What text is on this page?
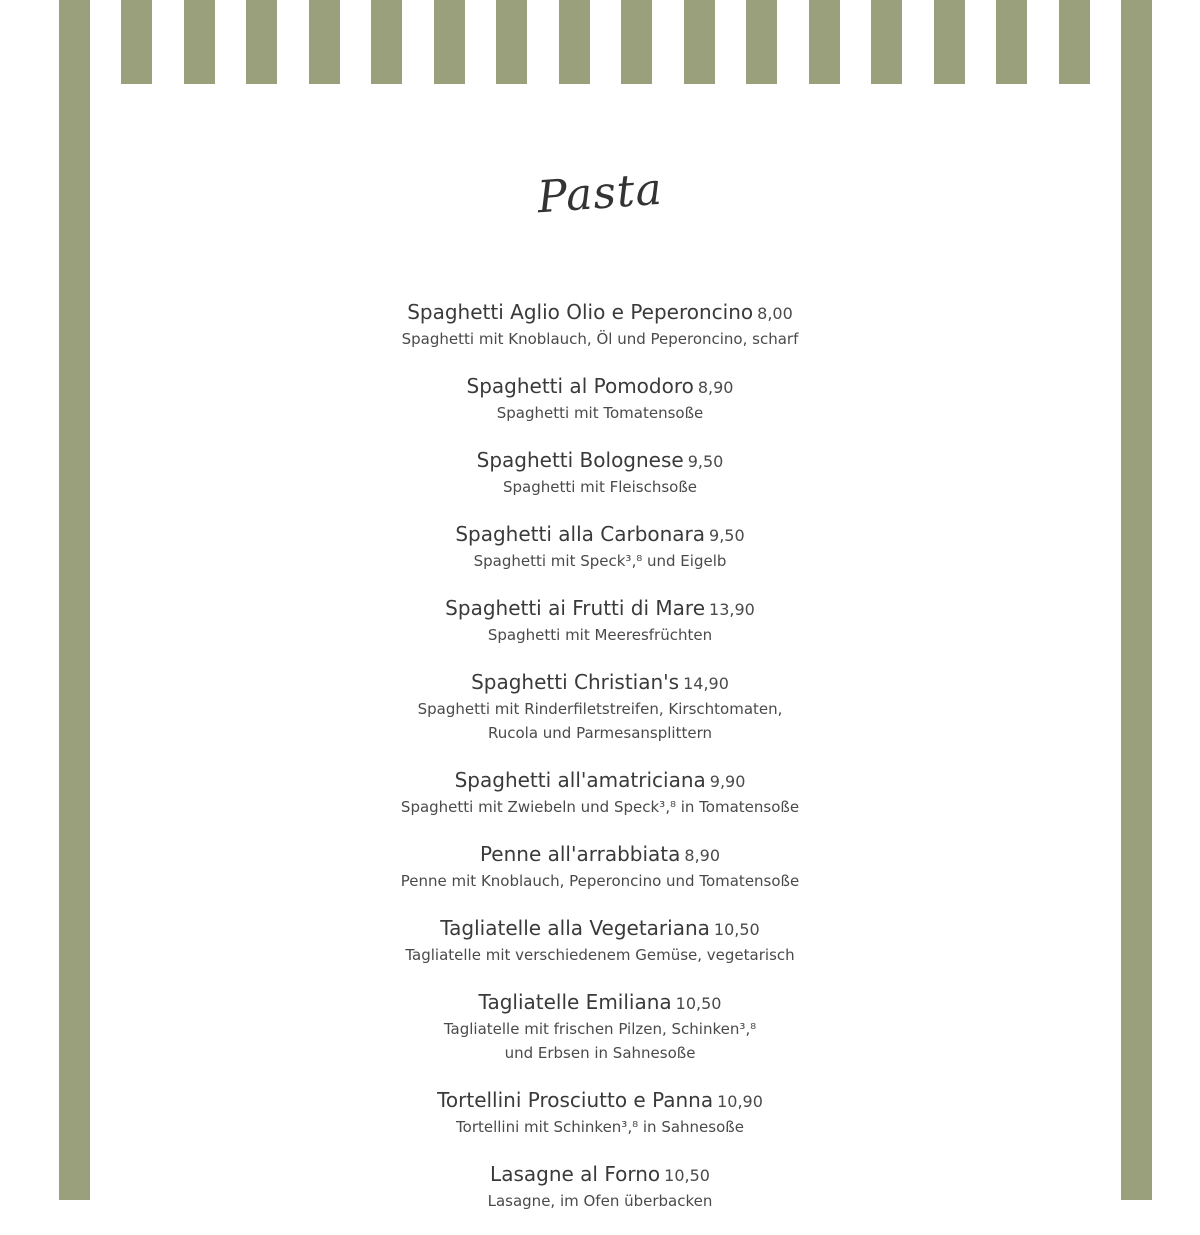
Pasta
Spaghetti Aglio Olio e Peperoncino 8,00
Spaghetti mit Knoblauch, Öl und Peperoncino, scharf
Spaghetti al Pomodoro 8,90
Spaghetti mit Tomatensoße
Spaghetti Bolognese 9,50
Spaghetti mit Fleischsoße
Spaghetti alla Carbonara 9,50
Spaghetti mit Speck³‚⁸ und Eigelb
Spaghetti ai Frutti di Mare 13,90
Spaghetti mit Meeresfrüchten
Spaghetti Christian's 14,90
Spaghetti mit Rinderfiletstreifen, Kirschtomaten,
Rucola und Parmesansplittern
Spaghetti all'amatriciana 9,90
Spaghetti mit Zwiebeln und Speck³‚⁸ in Tomatensoße
Penne all'arrabbiata 8,90
Penne mit Knoblauch, Peperoncino und Tomatensoße
Tagliatelle alla Vegetariana 10,50
Tagliatelle mit verschiedenem Gemüse, vegetarisch
Tagliatelle Emiliana 10,50
Tagliatelle mit frischen Pilzen, Schinken³‚⁸
und Erbsen in Sahnesoße
Tortellini Prosciutto e Panna 10,90
Tortellini mit Schinken³‚⁸ in Sahnesoße
Lasagne al Forno 10,50
Lasagne, im Ofen überbacken
